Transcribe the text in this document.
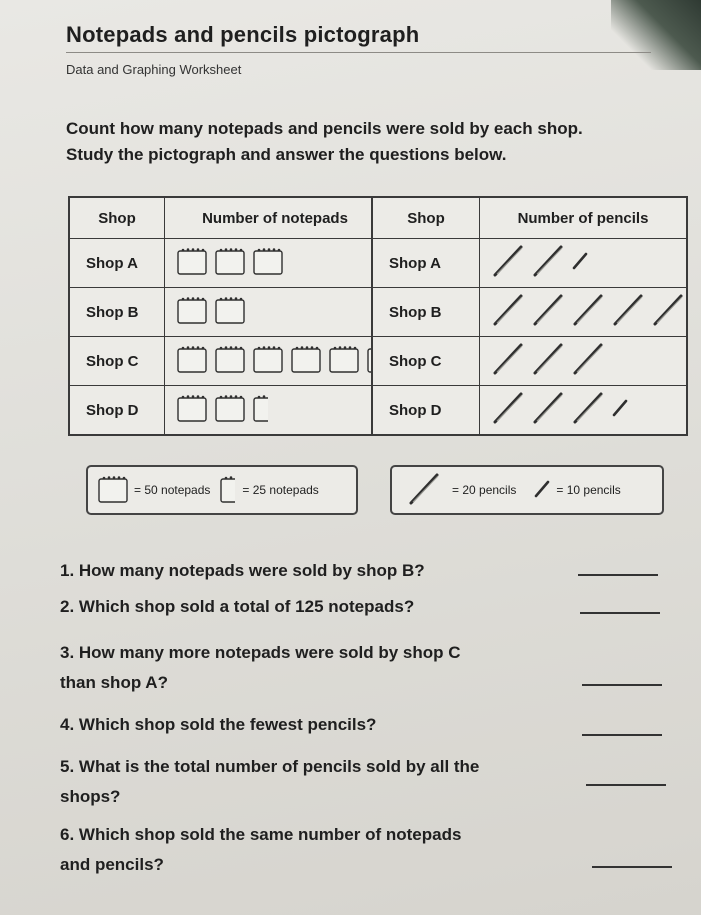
Notepads and pencils pictograph
Data and Graphing Worksheet
Count how many notepads and pencils were sold by each shop.
Study the pictograph and answer the questions below.
Shop	Number of notepads
Shop A	

Shop B	

Shop C	

Shop D	
Shop	Number of pencils
Shop A	

Shop B	

Shop C	

Shop D	
= 50 notepads	= 25 notepads	= 20 pencils	= 10 pencils
1. How many notepads were sold by shop B?
2. Which shop sold a total of 125 notepads?
3. How many more notepads were sold by shop C
than shop A?
4. Which shop sold the fewest pencils?
5. What is the total number of pencils sold by all the
shops?
6. Which shop sold the same number of notepads
and pencils?
